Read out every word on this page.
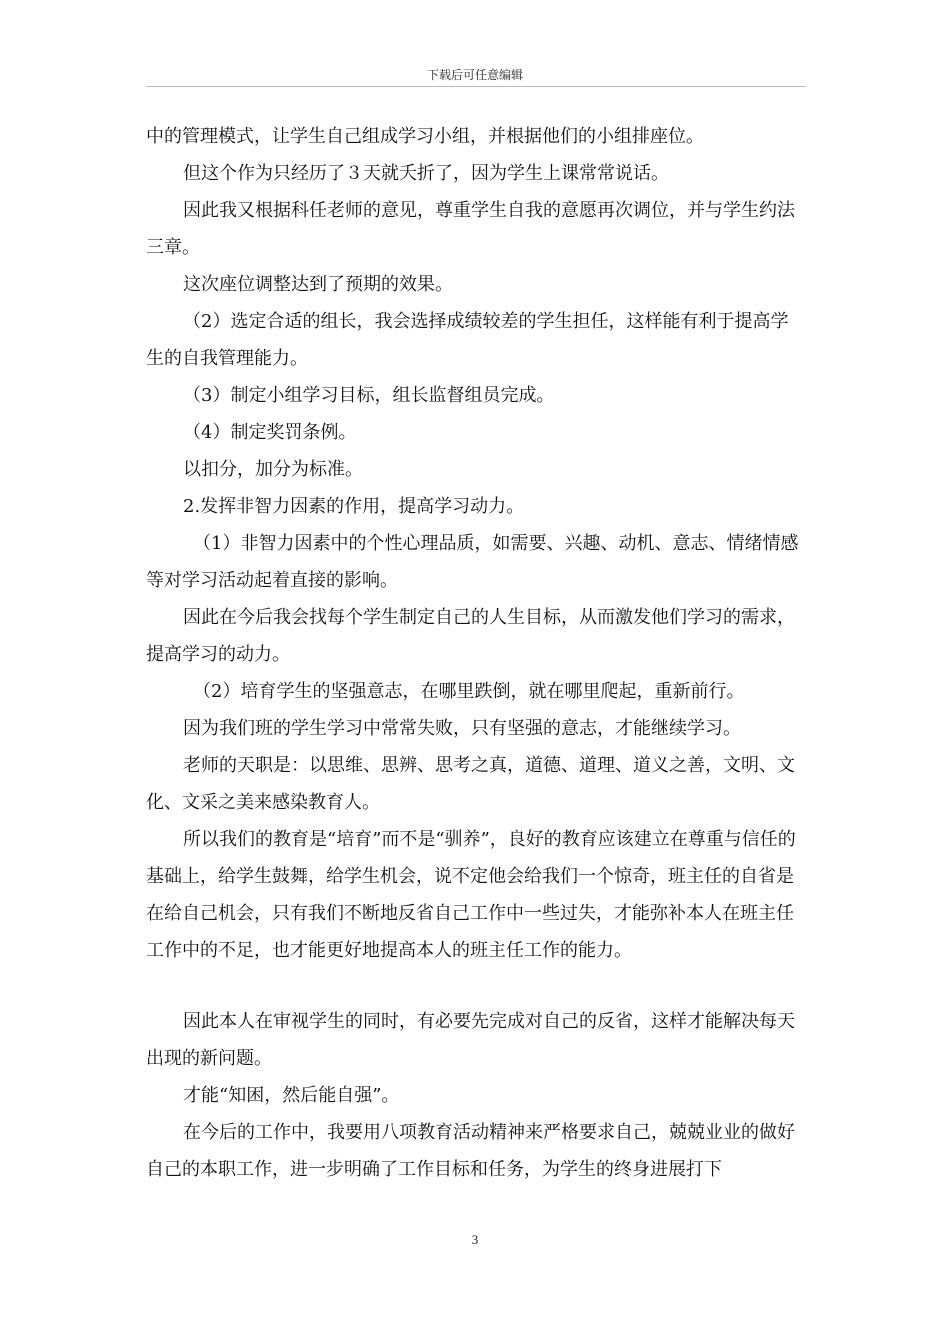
下载后可任意编辑

中的管理模式，让学生自己组成学习小组，并根据他们的小组排座位。

但这个作为只经历了３天就夭折了，因为学生上课常常说话。

因此我又根据科任老师的意见，尊重学生自我的意愿再次调位，并与学生约法三章。

这次座位调整达到了预期的效果。

（2）选定合适的组长，我会选择成绩较差的学生担任，这样能有利于提高学生的自我管理能力。

（3）制定小组学习目标，组长监督组员完成。

（4）制定奖罚条例。

以扣分，加分为标准。

2.发挥非智力因素的作用，提高学习动力。

（1）非智力因素中的个性心理品质，如需要、兴趣、动机、意志、情绪情感等对学习活动起着直接的影响。

因此在今后我会找每个学生制定自己的人生目标，从而激发他们学习的需求，提高学习的动力。

（2）培育学生的坚强意志，在哪里跌倒，就在哪里爬起，重新前行。

因为我们班的学生学习中常常失败，只有坚强的意志，才能继续学习。

老师的天职是：以思维、思辨、思考之真，道德、道理、道义之善，文明、文化、文采之美来感染教育人。

所以我们的教育是“培育”而不是“驯养”，良好的教育应该建立在尊重与信任的基础上，给学生鼓舞，给学生机会，说不定他会给我们一个惊奇，班主任的自省是在给自己机会，只有我们不断地反省自己工作中一些过失，才能弥补本人在班主任工作中的不足，也才能更好地提高本人的班主任工作的能力。

因此本人在审视学生的同时，有必要先完成对自己的反省，这样才能解决每天出现的新问题。

才能“知困，然后能自强”。

在今后的工作中，我要用八项教育活动精神来严格要求自己，兢兢业业的做好自己的本职工作，进一步明确了工作目标和任务，为学生的终身进展打下

3
